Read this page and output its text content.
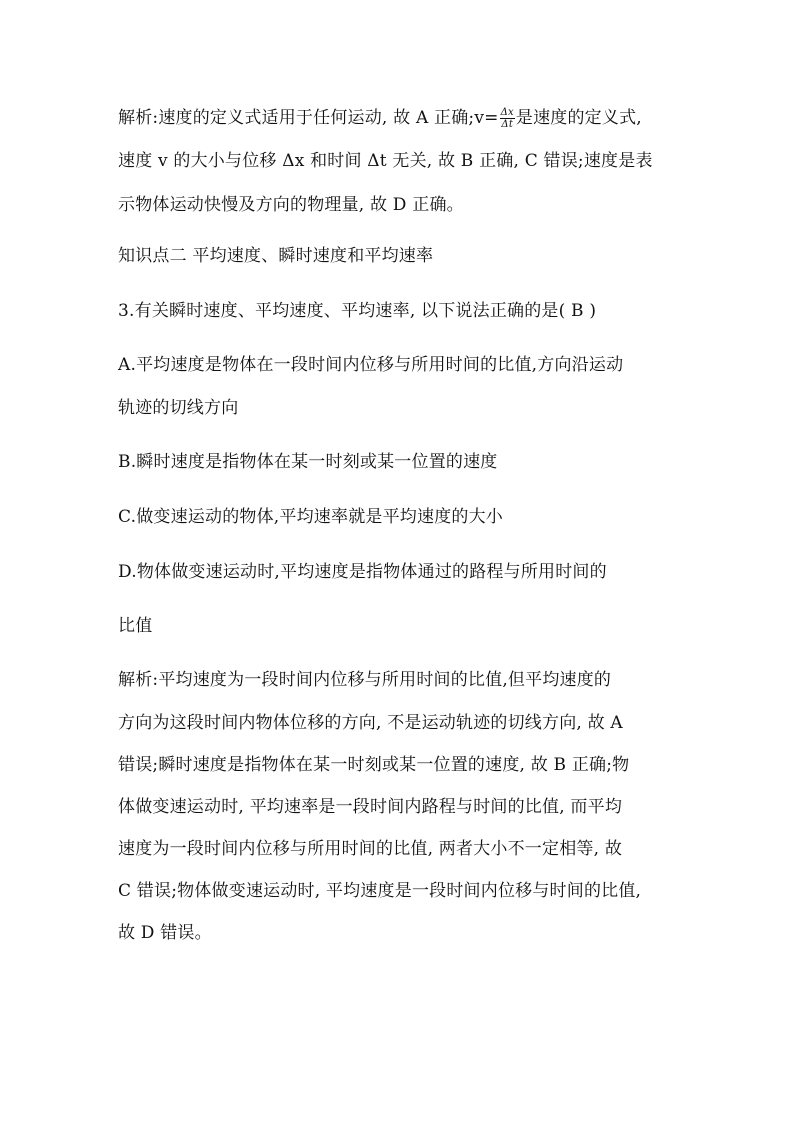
解析:速度的定义式适用于任何运动, 故 A 正确;v= $\frac{\Delta x}{\Delta t}$ 是速度的定义式,
速度 v 的大小与位移 Δx 和时间 Δt 无关, 故 B 正确, C 错误;速度是表
示物体运动快慢及方向的物理量, 故 D 正确。
知识点二 平均速度、瞬时速度和平均速率
3.有关瞬时速度、平均速度、平均速率, 以下说法正确的是( B )
A.平均速度是物体在一段时间内位移与所用时间的比值,方向沿运动
轨迹的切线方向
B.瞬时速度是指物体在某一时刻或某一位置的速度
C.做变速运动的物体,平均速率就是平均速度的大小
D.物体做变速运动时,平均速度是指物体通过的路程与所用时间的
比值
解析:平均速度为一段时间内位移与所用时间的比值,但平均速度的
方向为这段时间内物体位移的方向, 不是运动轨迹的切线方向, 故 A
错误;瞬时速度是指物体在某一时刻或某一位置的速度, 故 B 正确;物
体做变速运动时, 平均速率是一段时间内路程与时间的比值, 而平均
速度为一段时间内位移与所用时间的比值, 两者大小不一定相等, 故
C 错误;物体做变速运动时, 平均速度是一段时间内位移与时间的比值,
故 D 错误。
